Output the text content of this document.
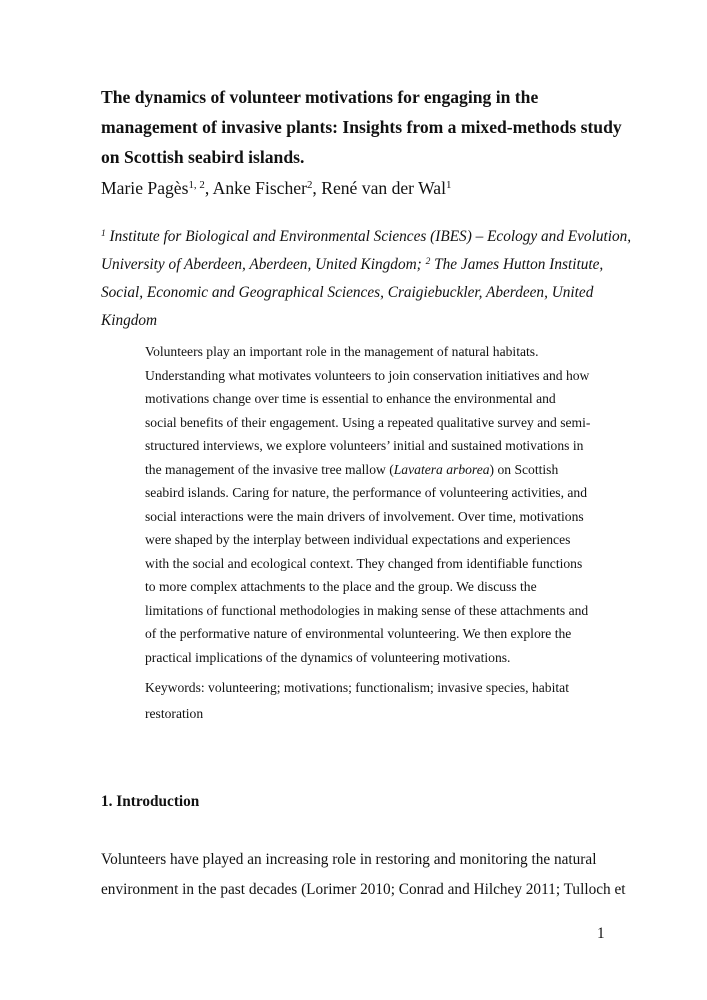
The dynamics of volunteer motivations for engaging in the
management of invasive plants: Insights from a mixed-methods study
on Scottish seabird islands.
Marie Pagès$^{1, 2}$, Anke Fischer$^2$, René van der Wal$^1$
$^1$ Institute for Biological and Environmental Sciences (IBES) – Ecology and Evolution,
University of Aberdeen, Aberdeen, United Kingdom; $^2$ The James Hutton Institute,
Social, Economic and Geographical Sciences, Craigiebuckler, Aberdeen, United
Kingdom
Volunteers play an important role in the management of natural habitats.
Understanding what motivates volunteers to join conservation initiatives and how
motivations change over time is essential to enhance the environmental and
social benefits of their engagement. Using a repeated qualitative survey and semi-
structured interviews, we explore volunteers’ initial and sustained motivations in
the management of the invasive tree mallow (Lavatera arborea) on Scottish
seabird islands. Caring for nature, the performance of volunteering activities, and
social interactions were the main drivers of involvement. Over time, motivations
were shaped by the interplay between individual expectations and experiences
with the social and ecological context. They changed from identifiable functions
to more complex attachments to the place and the group. We discuss the
limitations of functional methodologies in making sense of these attachments and
of the performative nature of environmental volunteering. We then explore the
practical implications of the dynamics of volunteering motivations.
Keywords: volunteering; motivations; functionalism; invasive species, habitat
restoration
1. Introduction
Volunteers have played an increasing role in restoring and monitoring the natural
environment in the past decades (Lorimer 2010; Conrad and Hilchey 2011; Tulloch et
1
